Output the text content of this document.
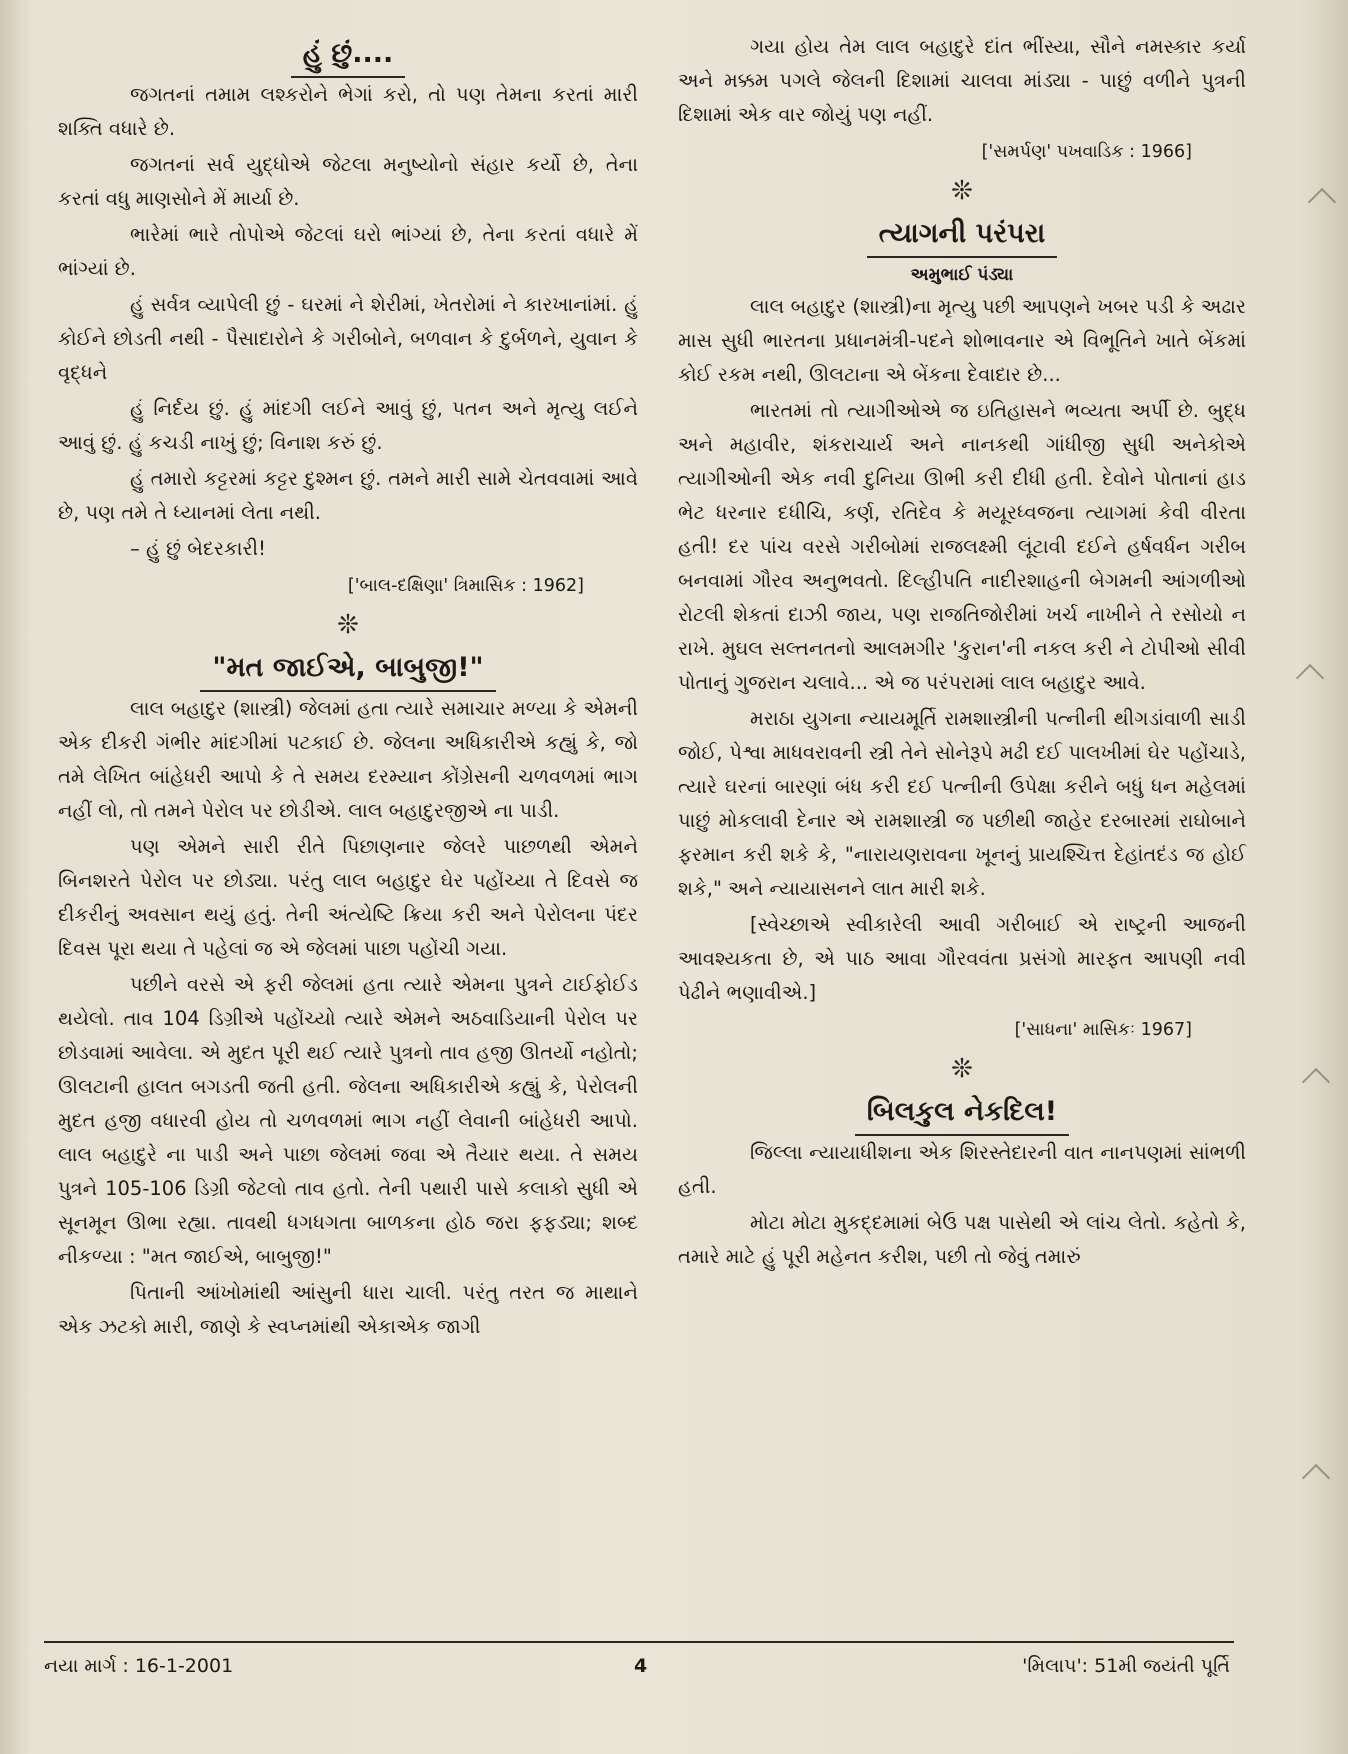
હું છું....

જગતનાં તમામ લશ્કરોને ભેગાં કરો, તો પણ તેમના કરતાં મારી શક્તિ વધારે છે.

જગતનાં સર્વ યુદ્ધોએ જેટલા મનુષ્યોનો સંહાર કર્યો છે, તેના કરતાં વધુ માણસોને મેં માર્યા છે.

ભારેમાં ભારે તોપોએ જેટલાં ઘરો ભાંગ્યાં છે, તેના કરતાં વધારે મેં ભાંગ્યાં છે.

હું સર્વત્ર વ્યાપેલી છું - ઘરમાં ને શેરીમાં, ખેતરોમાં ને કારખાનાંમાં. હું કોઈને છોડતી નથી - પૈસાદારોને કે ગરીબોને, બળવાન કે દુર્બળને, યુવાન કે વૃદ્ધને

હું નિર્દય છું. હું માંદગી લઈને આવું છું, પતન અને મૃત્યુ લઈને આવું છું. હું કચડી નાખું છું; વિનાશ કરું છું.

હું તમારો કટ્ટરમાં કટ્ટર દુશ્મન છું. તમને મારી સામે ચેતવવામાં આવે છે, પણ તમે તે ધ્યાનમાં લેતા નથી.

– હું છું બેદરકારી!

['બાલ-દક્ષિણા' ત્રિમાસિક : 1962]
❊
"મત જાઈએ, બાબુજી!"

લાલ બહાદુર (શાસ્ત્રી) જેલમાં હતા ત્યારે સમાચાર મળ્યા કે એમની એક દીકરી ગંભીર માંદગીમાં પટકાઈ છે. જેલના અધિકારીએ કહ્યું કે, જો તમે લેખિત બાંહેધરી આપો કે તે સમય દરમ્યાન કોંગ્રેસની ચળવળમાં ભાગ નહીં લો, તો તમને પેરોલ પર છોડીએ. લાલ બહાદુરજીએ ના પાડી.

પણ એમને સારી રીતે પિછાણનાર જેલરે પાછળથી એમને બિનશરતે પેરોલ પર છોડ્યા. પરંતુ લાલ બહાદુર ઘેર પહોંચ્યા તે દિવસે જ દીકરીનું અવસાન થયું હતું. તેની અંત્યેષ્ટિ ક્રિયા કરી અને પેરોલના પંદર દિવસ પૂરા થયા તે પહેલાં જ એ જેલમાં પાછા પહોંચી ગયા.

પછીને વરસે એ ફરી જેલમાં હતા ત્યારે એમના પુત્રને ટાઈફોઈડ થયેલો. તાવ 104 ડિગ્રીએ પહોંચ્યો ત્યારે એમને અઠવાડિયાની પેરોલ પર છોડવામાં આવેલા. એ મુદત પૂરી થઈ ત્યારે પુત્રનો તાવ હજી ઊતર્યો નહોતો; ઊલટાની હાલત બગડતી જતી હતી. જેલના અધિકારીએ કહ્યું કે, પેરોલની મુદત હજી વધારવી હોય તો ચળવળમાં ભાગ નહીં લેવાની બાંહેધરી આપો. લાલ બહાદુરે ના પાડી અને પાછા જેલમાં જવા એ તૈયાર થયા. તે સમય પુત્રને 105-106 ડિગ્રી જેટલો તાવ હતો. તેની પથારી પાસે કલાકો સુધી એ સૂનમૂન ઊભા રહ્યા. તાવથી ધગધગતા બાળકના હોઠ જરા ફફડ્યા; શબ્દ નીકળ્યા : "મત જાઈએ, બાબુજી!"

પિતાની આંખોમાંથી આંસુની ધારા ચાલી. પરંતુ તરત જ માથાને એક ઝટકો મારી, જાણે કે સ્વપ્નમાંથી એકાએક જાગી

ગયા હોય તેમ લાલ બહાદુરે દાંત ભીંસ્યા, સૌને નમસ્કાર કર્યા અને મક્કમ પગલે જેલની દિશામાં ચાલવા માંડ્યા - પાછું વળીને પુત્રની દિશામાં એક વાર જોયું પણ નહીં.

['સમર્પણ' પખવાડિક : 1966]
❊
ત્યાગની પરંપરા
અમુભાઈ પંડ્યા

લાલ બહાદુર (શાસ્ત્રી)ના મૃત્યુ પછી આપણને ખબર પડી કે અઢાર માસ સુધી ભારતના પ્રધાનમંત્રી-પદને શોભાવનાર એ વિભૂતિને ખાતે બેંકમાં કોઈ રકમ નથી, ઊલટાના એ બેંકના દેવાદાર છે...

ભારતમાં તો ત્યાગીઓએ જ ઇતિહાસને ભવ્યતા અર્પી છે. બુદ્ધ અને મહાવીર, શંકરાચાર્ય અને નાનકથી ગાંધીજી સુધી અનેકોએ ત્યાગીઓની એક નવી દુનિયા ઊભી કરી દીધી હતી. દેવોને પોતાનાં હાડ ભેટ ધરનાર દધીચિ, કર્ણ, રતિદેવ કે મયૂરધ્વજના ત્યાગમાં કેવી વીરતા હતી! દર પાંચ વરસે ગરીબોમાં રાજલક્ષ્મી લૂંટાવી દઈને હર્ષવર્ધન ગરીબ બનવામાં ગૌરવ અનુભવતો. દિલ્હીપતિ નાદીરશાહની બેગમની આંગળીઓ રોટલી શેકતાં દાઝી જાય, પણ રાજતિજોરીમાં ખર્ચ નાખીને તે રસોયો ન રાખે. મુઘલ સલ્તનતનો આલમગીર 'કુરાન'ની નકલ કરી ને ટોપીઓ સીવી પોતાનું ગુજરાન ચલાવે... એ જ પરંપરામાં લાલ બહાદુર આવે.

મરાઠા યુગના ન્યાયમૂર્તિ રામશાસ્ત્રીની પત્નીની થીગડાંવાળી સાડી જોઈ, પેશ્વા માધવરાવની સ્ત્રી તેને સોનેરૂપે મઢી દઈ પાલખીમાં ઘેર પહોંચાડે, ત્યારે ઘરનાં બારણાં બંધ કરી દઈ પત્નીની ઉપેક્ષા કરીને બધું ધન મહેલમાં પાછું મોકલાવી દેનાર એ રામશાસ્ત્રી જ પછીથી જાહેર દરબારમાં રાઘોબાને ફરમાન કરી શકે કે, "નારાયણરાવના ખૂનનું પ્રાયશ્ચિત્ત દેહાંતદંડ જ હોઈ શકે," અને ન્યાયાસનને લાત મારી શકે.

[સ્વેચ્છાએ સ્વીકારેલી આવી ગરીબાઈ એ રાષ્ટ્રની આજની આવશ્યકતા છે, એ પાઠ આવા ગૌરવવંતા પ્રસંગો મારફત આપણી નવી પેઢીને ભણાવીએ.]

['સાધના' માસિકઃ 1967]
❊
બિલકુલ નેકદિલ!

જિલ્લા ન્યાયાધીશના એક શિરસ્તેદારની વાત નાનપણમાં સાંભળી હતી.

મોટા મોટા મુકદ્દમામાં બેઉ પક્ષ પાસેથી એ લાંચ લેતો. કહેતો કે, તમારે માટે હું પૂરી મહેનત કરીશ, પછી તો જેવું તમારું

નયા માર્ગ : 16-1-2001	4	'મિલાપ': 51મી જયંતી પૂર્તિ
